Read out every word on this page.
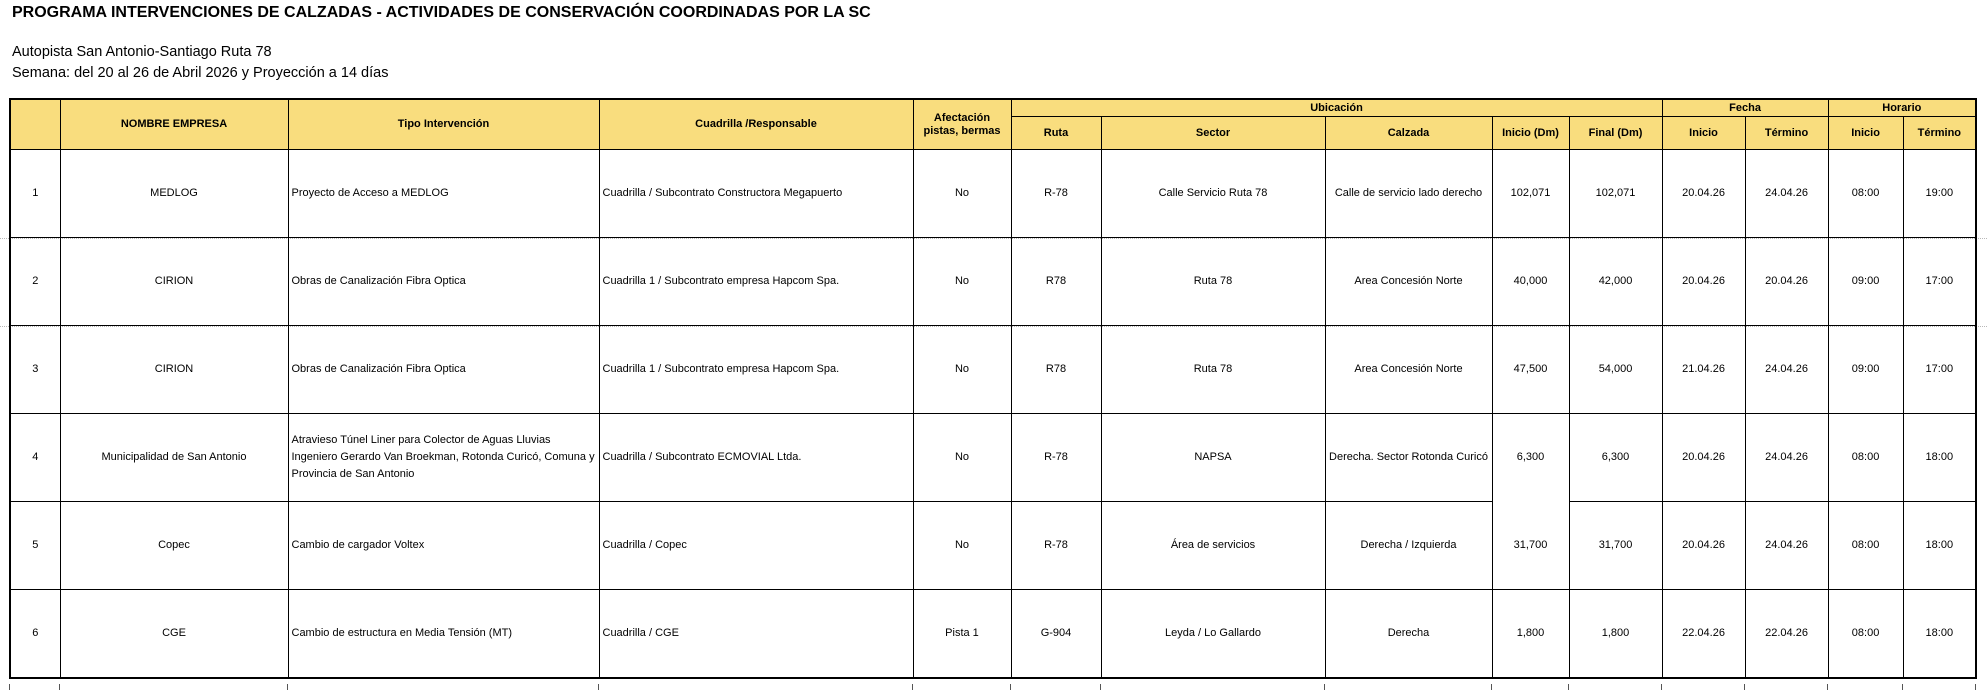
PROGRAMA INTERVENCIONES DE CALZADAS - ACTIVIDADES DE CONSERVACIÓN COORDINADAS POR LA SC
Autopista San Antonio-Santiago Ruta 78
Semana: del 20 al 26 de Abril 2026 y Proyección a 14 días
	NOMBRE EMPRESA	Tipo Intervención	Cuadrilla /Responsable	Afectación pistas, bermas	Ubicación					Fecha		Horario	
					Ruta	Sector	Calzada	Inicio (Dm)	Final (Dm)	Inicio	Término	Inicio	Término
1	MEDLOG	Proyecto de Acceso a MEDLOG	Cuadrilla / Subcontrato Constructora Megapuerto	No	R-78	Calle Servicio Ruta 78	Calle de servicio lado derecho	102,071	102,071	20.04.26	24.04.26	08:00	19:00
2	CIRION	Obras de Canalización Fibra Optica	Cuadrilla 1 / Subcontrato empresa Hapcom Spa.	No	R78	Ruta 78	Area Concesión Norte	40,000	42,000	20.04.26	20.04.26	09:00	17:00
3	CIRION	Obras de Canalización Fibra Optica	Cuadrilla 1 / Subcontrato empresa Hapcom Spa.	No	R78	Ruta 78	Area Concesión Norte	47,500	54,000	21.04.26	24.04.26	09:00	17:00
4	Municipalidad de San Antonio	Atravieso Túnel Liner para Colector de Aguas Lluvias Ingeniero Gerardo Van Broekman, Rotonda Curicó, Comuna y Provincia de San Antonio	Cuadrilla / Subcontrato ECMOVIAL Ltda.	No	R-78	NAPSA	Derecha. Sector Rotonda Curicó	6,300	6,300	20.04.26	24.04.26	08:00	18:00
5	Copec	Cambio de cargador Voltex	Cuadrilla / Copec	No	R-78	Área de servicios	Derecha / Izquierda	31,700	31,700	20.04.26	24.04.26	08:00	18:00
6	CGE	Cambio de estructura en Media Tensión (MT)	Cuadrilla / CGE	Pista 1	G-904	Leyda / Lo Gallardo	Derecha	1,800	1,800	22.04.26	22.04.26	08:00	18:00
